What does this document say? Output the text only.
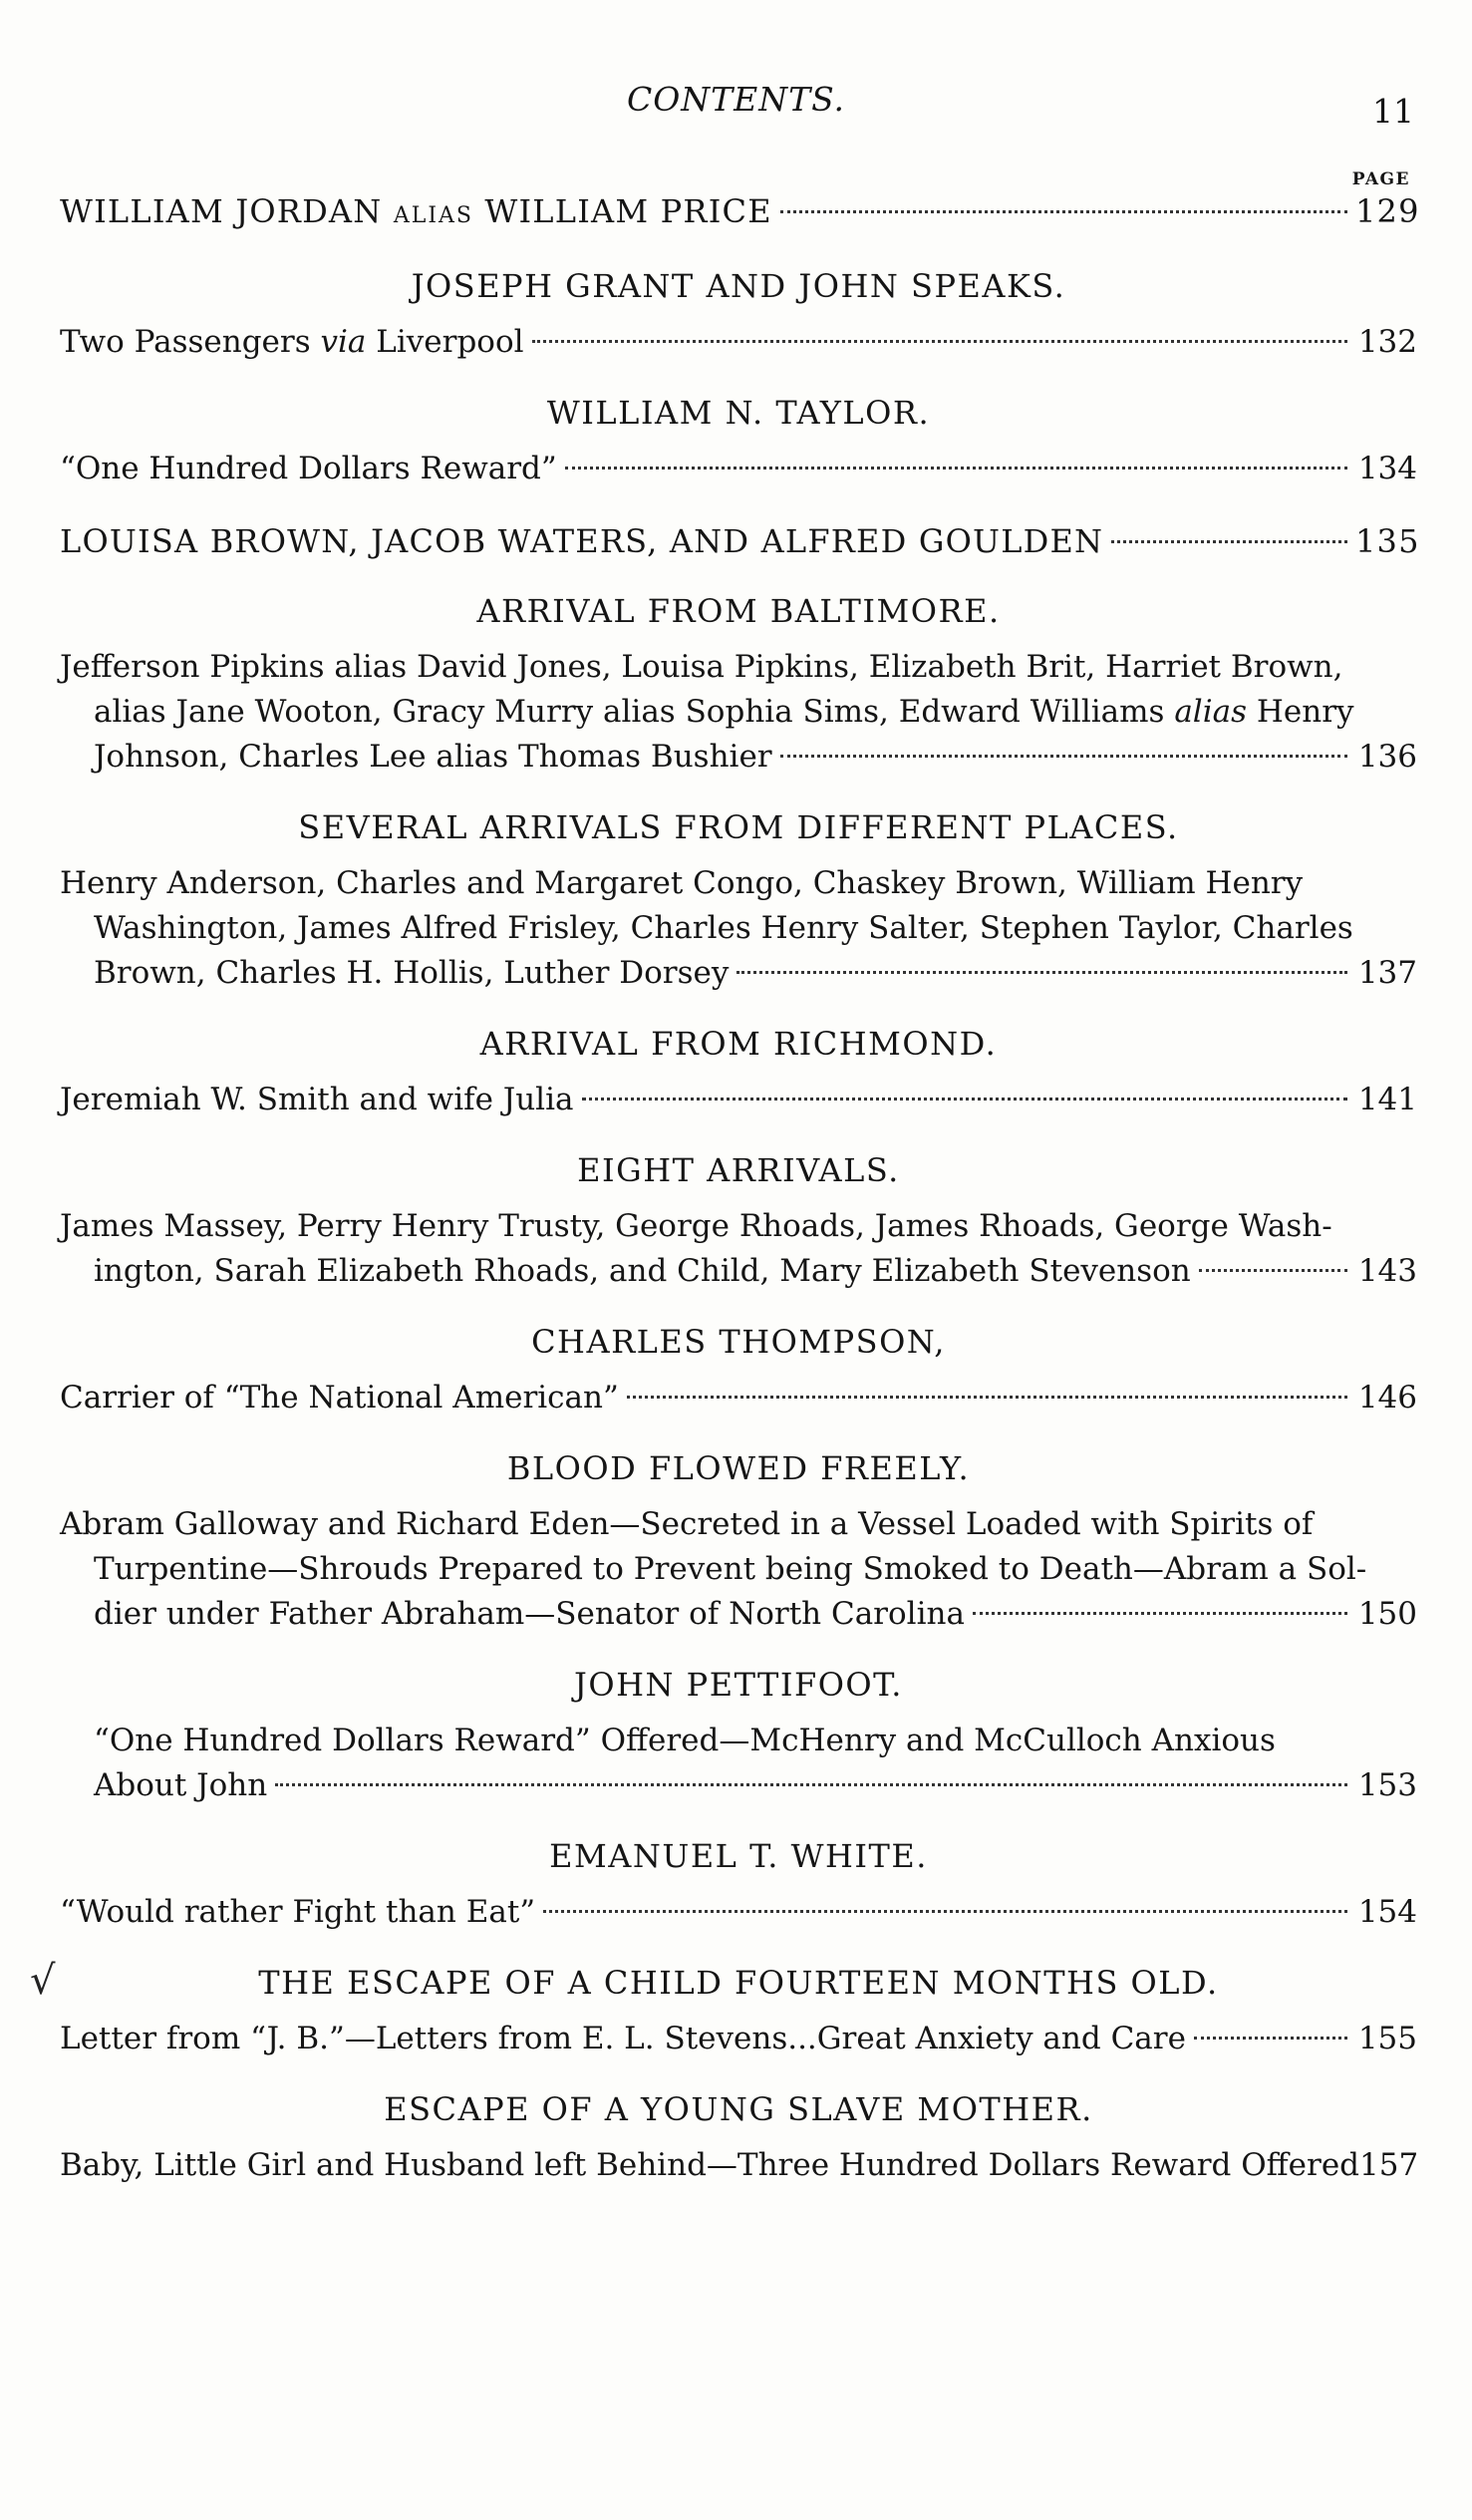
CONTENTS.	11
PAGE
WILLIAM JORDAN ALIAS WILLIAM PRICE	129
JOSEPH GRANT AND JOHN SPEAKS.
Two Passengers via Liverpool	132
WILLIAM N. TAYLOR.
“One Hundred Dollars Reward”	134
LOUISA BROWN, JACOB WATERS, AND ALFRED GOULDEN	135
ARRIVAL FROM BALTIMORE.
Jefferson Pipkins alias David Jones, Louisa Pipkins, Elizabeth Brit, Harriet Brown,
alias Jane Wooton, Gracy Murry alias Sophia Sims, Edward Williams alias Henry
Johnson, Charles Lee alias Thomas Bushier	136
SEVERAL ARRIVALS FROM DIFFERENT PLACES.
Henry Anderson, Charles and Margaret Congo, Chaskey Brown, William Henry
Washington, James Alfred Frisley, Charles Henry Salter, Stephen Taylor, Charles
Brown, Charles H. Hollis, Luther Dorsey	137
ARRIVAL FROM RICHMOND.
Jeremiah W. Smith and wife Julia	141
EIGHT ARRIVALS.
James Massey, Perry Henry Trusty, George Rhoads, James Rhoads, George Wash-
ington, Sarah Elizabeth Rhoads, and Child, Mary Elizabeth Stevenson	143
CHARLES THOMPSON,
Carrier of “The National American”	146
BLOOD FLOWED FREELY.
Abram Galloway and Richard Eden—Secreted in a Vessel Loaded with Spirits of
Turpentine—Shrouds Prepared to Prevent being Smoked to Death—Abram a Sol-
dier under Father Abraham—Senator of North Carolina	150
JOHN PETTIFOOT.
“One Hundred Dollars Reward” Offered—McHenry and McCulloch Anxious
About John	153
EMANUEL T. WHITE.
“Would rather Fight than Eat”	154
√	THE ESCAPE OF A CHILD FOURTEEN MONTHS OLD.
Letter from “J. B.”—Letters from E. L. Stevens...Great Anxiety and Care	155
ESCAPE OF A YOUNG SLAVE MOTHER.
Baby, Little Girl and Husband left Behind—Three Hundred Dollars Reward Offered 157
